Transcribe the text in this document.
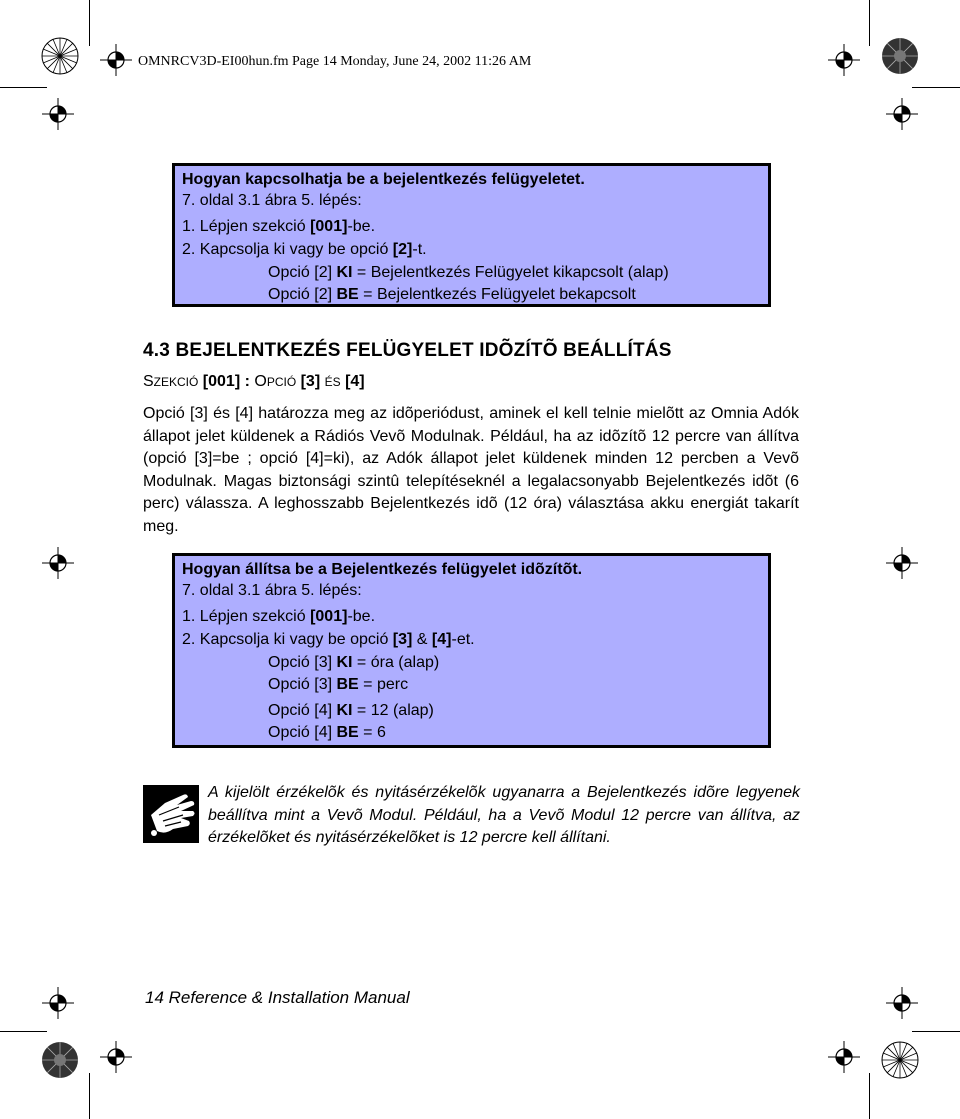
OMNRCV3D-EI00hun.fm Page 14 Monday, June 24, 2002 11:26 AM
Hogyan kapcsolhatja be a bejelentkezés felügyeletet.
7. oldal 3.1 ábra 5. lépés:
1. Lépjen szekció [001]-be.
2. Kapcsolja ki vagy be opció [2]-t.
Opció [2] KI = Bejelentkezés Felügyelet kikapcsolt (alap)
Opció [2] BE = Bejelentkezés Felügyelet bekapcsolt
4.3 BEJELENTKEZÉS FELÜGYELET IDÕZÍTÕ BEÁLLÍTÁS
SZEKCIÓ [001] : OPCIÓ [3] ÉS [4]
Opció [3] és [4] határozza meg az idõperiódust, aminek el kell telnie mielõtt az Omnia Adók állapot jelet küldenek a Rádiós Vevõ Modulnak. Például, ha az idõzítõ 12 percre van állítva (opció [3]=be ; opció [4]=ki), az Adók állapot jelet küldenek minden 12 percben a Vevõ Modulnak. Magas biztonsági szintû telepítéseknél a legalacsonyabb Bejelentkezés idõt (6 perc) válassza. A leghosszabb Bejelentkezés idõ (12 óra) választása akku energiát takarít meg.
Hogyan állítsa be a Bejelentkezés felügyelet idõzítõt.
7. oldal 3.1 ábra 5. lépés:
1. Lépjen szekció [001]-be.
2. Kapcsolja ki vagy be opció [3] & [4]-et.
Opció [3] KI = óra (alap)
Opció [3] BE = perc
Opció [4] KI = 12 (alap)
Opció [4] BE = 6
A kijelölt érzékelõk és nyitásérzékelõk ugyanarra a Bejelentkezés idõre legyenek beállítva mint a Vevõ Modul. Például, ha a Vevõ Modul 12 percre van állítva, az érzékelõket és nyitásérzékelõket is 12 percre kell állítani.
14 Reference & Installation Manual
